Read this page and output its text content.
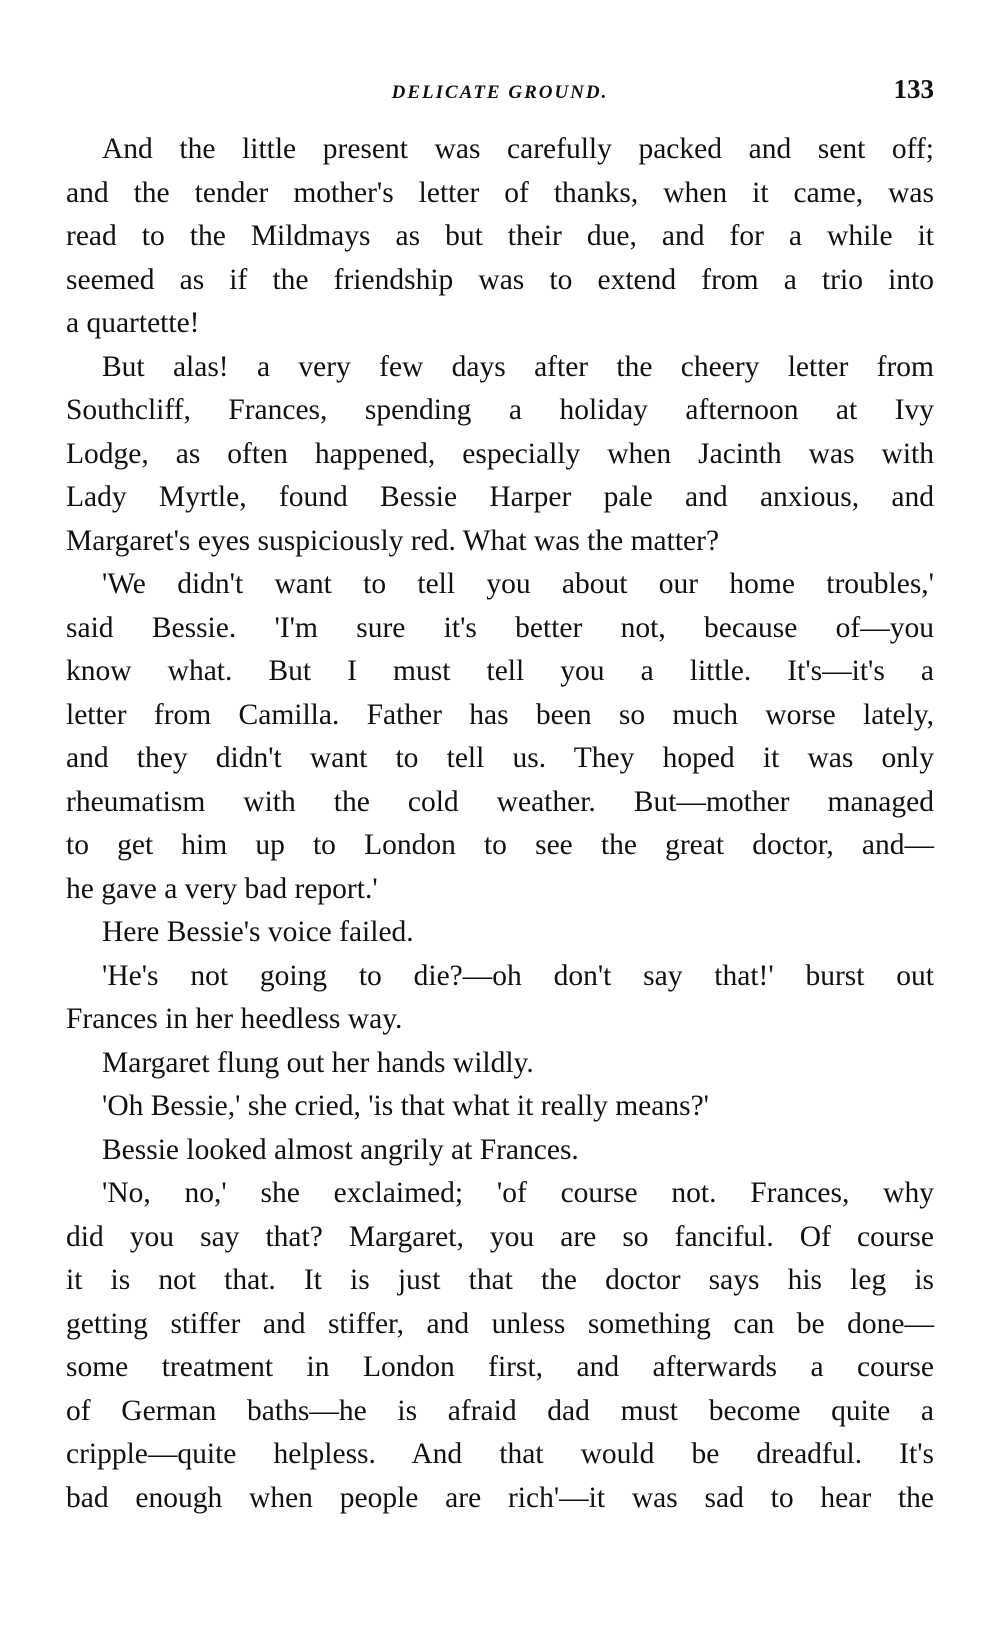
DELICATE GROUND.	133
And the little present was carefully packed and sent off;
and the tender mother's letter of thanks, when it came, was
read to the Mildmays as but their due, and for a while it
seemed as if the friendship was to extend from a trio into
a quartette!
But alas! a very few days after the cheery letter from
Southcliff, Frances, spending a holiday afternoon at Ivy
Lodge, as often happened, especially when Jacinth was with
Lady Myrtle, found Bessie Harper pale and anxious, and
Margaret's eyes suspiciously red. What was the matter?
'We didn't want to tell you about our home troubles,'
said Bessie. 'I'm sure it's better not, because of—you
know what. But I must tell you a little. It's—it's a
letter from Camilla. Father has been so much worse lately,
and they didn't want to tell us. They hoped it was only
rheumatism with the cold weather. But—mother managed
to get him up to London to see the great doctor, and—
he gave a very bad report.'
Here Bessie's voice failed.
'He's not going to die?—oh don't say that!' burst out
Frances in her heedless way.
Margaret flung out her hands wildly.
'Oh Bessie,' she cried, 'is that what it really means?'
Bessie looked almost angrily at Frances.
'No, no,' she exclaimed; 'of course not. Frances, why
did you say that? Margaret, you are so fanciful. Of course
it is not that. It is just that the doctor says his leg is
getting stiffer and stiffer, and unless something can be done—
some treatment in London first, and afterwards a course
of German baths—he is afraid dad must become quite a
cripple—quite helpless. And that would be dreadful. It's
bad enough when people are rich'—it was sad to hear the
